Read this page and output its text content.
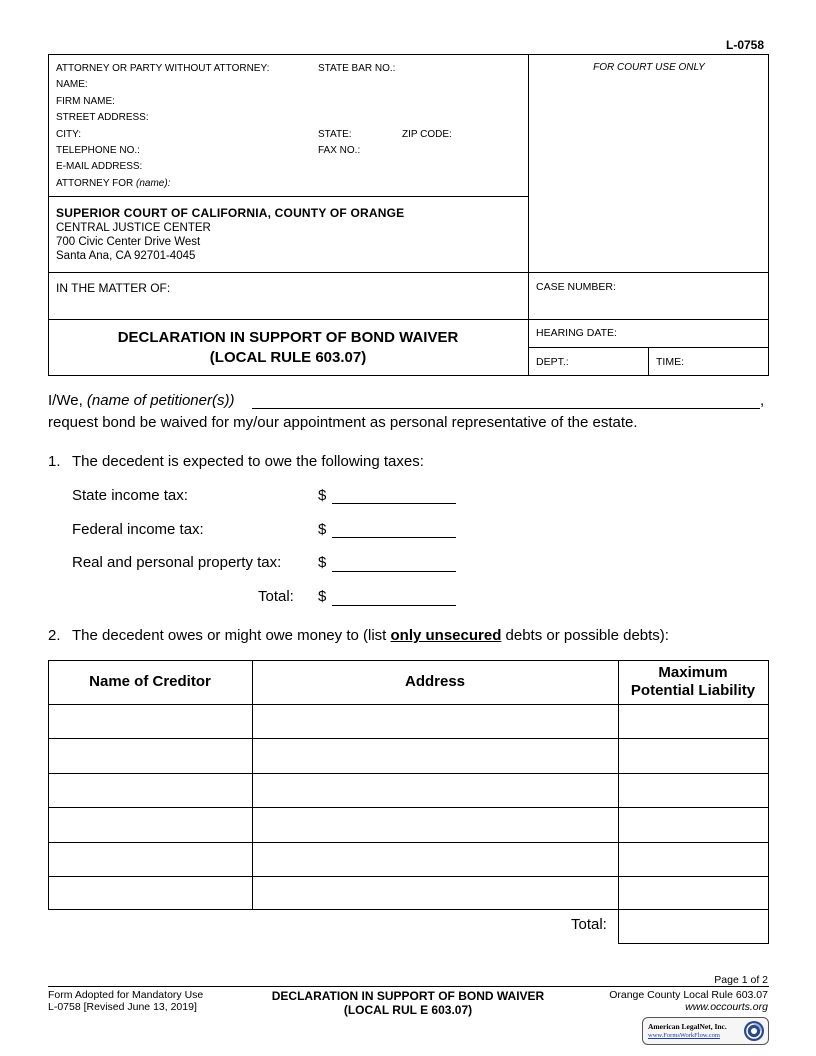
L-0758
ATTORNEY OR PARTY WITHOUT ATTORNEY:
NAME:
FIRM NAME:
STREET ADDRESS:
CITY:
TELEPHONE NO.:
E-MAIL ADDRESS:
ATTORNEY FOR (name):
STATE BAR NO.:
STATE:	ZIP CODE:
FAX NO.:
FOR COURT USE ONLY
SUPERIOR COURT OF CALIFORNIA, COUNTY OF ORANGE
CENTRAL JUSTICE CENTER
700 Civic Center Drive West
Santa Ana, CA 92701-4045
IN THE MATTER OF:	CASE NUMBER:
HEARING DATE:
DEPT.:	TIME:
DECLARATION IN SUPPORT OF BOND WAIVER
(LOCAL RULE 603.07)
I/We, (name of petitioner(s))	,
request bond be waived for my/our appointment as personal representative of the estate.
1. The decedent is expected to owe the following taxes:
State income tax:	$
Federal income tax:	$
Real and personal property tax: $
Total: $
2. The decedent owes or might owe money to (list only unsecured debts or possible debts):
Name of Creditor	Address
Maximum
Potential Liability
Total:
Form Adopted for Mandatory Use
L-0758 [Revised June 13, 2019]
DECLARATION IN SUPPORT OF BOND WAIVER
(LOCAL RUL E 603.07)
Page 1 of 2
Orange County Local Rule 603.07
www.occourts.org
American LegalNet, Inc.
www.FormsWorkFlow.com
